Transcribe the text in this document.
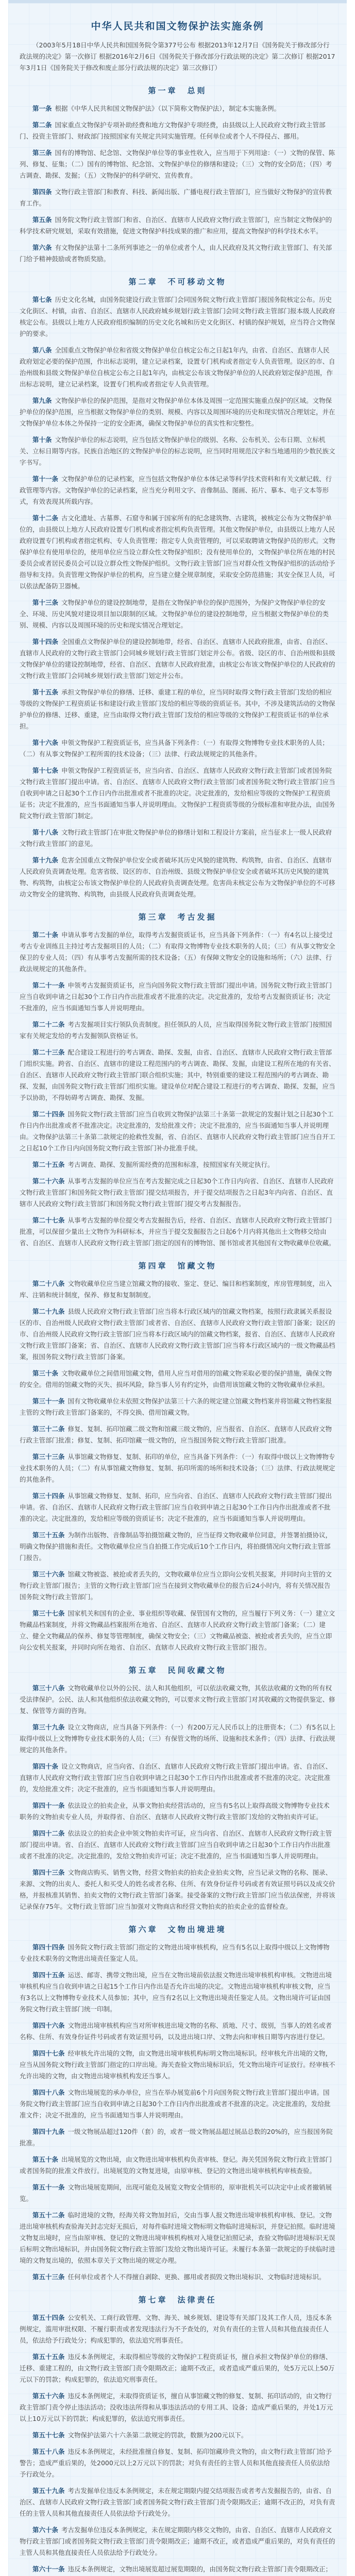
中华人民共和国文物保护法实施条例

（2003年5月18日中华人民共和国国务院令第377号公布 根据2013年12月7日《国务院关于修改部分行政法规的决定》第一次修订 根据2016年2月6日《国务院关于修改部分行政法规的决定》第二次修订 根据2017年3月1日《国务院关于修改和废止部分行政法规的决定》第三次修订）

第一章　总则

第一条 根据《中华人民共和国文物保护法》（以下简称文物保护法），制定本实施条例。

第二条 国家重点文物保护专项补助经费和地方文物保护专项经费，由县级以上人民政府文物行政主管部门、投资主管部门、财政部门按照国家有关规定共同实施管理。任何单位或者个人不得侵占、挪用。

第三条 国有的博物馆、纪念馆、文物保护单位等的事业性收入，应当用于下列用途：（一）文物的保管、陈列、修复、征集；（二）国有的博物馆、纪念馆、文物保护单位的修缮和建设；（三）文物的安全防范；（四）考古调查、勘探、发掘；（五）文物保护的科学研究、宣传教育。

第四条 文物行政主管部门和教育、科技、新闻出版、广播电视行政主管部门，应当做好文物保护的宣传教育工作。

第五条 国务院文物行政主管部门和省、自治区、直辖市人民政府文物行政主管部门，应当制定文物保护的科学技术研究规划，采取有效措施，促进文物保护科技成果的推广和应用，提高文物保护的科学技术水平。

第六条 有文物保护法第十二条所列事迹之一的单位或者个人，由人民政府及其文物行政主管部门、有关部门给予精神鼓励或者物质奖励。

第二章　不可移动文物

第七条 历史文化名城，由国务院建设行政主管部门会同国务院文物行政主管部门报国务院核定公布。历史文化街区、村镇，由省、自治区、直辖市人民政府城乡规划行政主管部门会同文物行政主管部门报本级人民政府核定公布。县级以上地方人民政府组织编制的历史文化名城和历史文化街区、村镇的保护规划，应当符合文物保护的要求。

第八条 全国重点文物保护单位和省级文物保护单位自核定公布之日起1年内，由省、自治区、直辖市人民政府划定必要的保护范围，作出标志说明，建立记录档案，设置专门机构或者指定专人负责管理。设区的市、自治州级和县级文物保护单位自核定公布之日起1年内，由核定公布该文物保护单位的人民政府划定保护范围，作出标志说明，建立记录档案，设置专门机构或者指定专人负责管理。

第九条 文物保护单位的保护范围，是指对文物保护单位本体及周围一定范围实施重点保护的区域。文物保护单位的保护范围，应当根据文物保护单位的类别、规模、内容以及周围环境的历史和现实情况合理划定，并在文物保护单位本体之外保持一定的安全距离，确保文物保护单位的真实性和完整性。

第十条 文物保护单位的标志说明，应当包括文物保护单位的级别、名称、公布机关、公布日期、立标机关、立标日期等内容。民族自治地区的文物保护单位的标志说明，应当同时用规范汉字和当地通用的少数民族文字书写。

第十一条 文物保护单位的记录档案，应当包括文物保护单位本体记录等科学技术资料和有关文献记载、行政管理等内容。文物保护单位的记录档案，应当充分利用文字、音像制品、图画、拓片、摹本、电子文本等形式，有效表现其所载内容。

第十二条 古文化遗址、古墓葬、石窟寺和属于国家所有的纪念建筑物、古建筑，被核定公布为文物保护单位的，由县级以上地方人民政府设置专门机构或者指定机构负责管理。其他文物保护单位，由县级以上地方人民政府设置专门机构或者指定机构、专人负责管理；指定专人负责管理的，可以采取聘请文物保护员的形式。文物保护单位有使用单位的，使用单位应当设立群众性文物保护组织；没有使用单位的，文物保护单位所在地的村民委员会或者居民委员会可以设立群众性文物保护组织。文物行政主管部门应当对群众性文物保护组织的活动给予指导和支持。负责管理文物保护单位的机构，应当建立健全规章制度，采取安全防范措施；其安全保卫人员，可以依法配备防卫器械。

第十三条 文物保护单位的建设控制地带，是指在文物保护单位的保护范围外，为保护文物保护单位的安全、环境、历史风貌对建设项目加以限制的区域。文物保护单位的建设控制地带，应当根据文物保护单位的类别、规模、内容以及周围环境的历史和现实情况合理划定。

第十四条 全国重点文物保护单位的建设控制地带，经省、自治区、直辖市人民政府批准，由省、自治区、直辖市人民政府的文物行政主管部门会同城乡规划行政主管部门划定并公布。省级、设区的市、自治州级和县级文物保护单位的建设控制地带，经省、自治区、直辖市人民政府批准，由核定公布该文物保护单位的人民政府的文物行政主管部门会同城乡规划行政主管部门划定并公布。

第十五条 承担文物保护单位的修缮、迁移、重建工程的单位，应当同时取得文物行政主管部门发给的相应等级的文物保护工程资质证书和建设行政主管部门发给的相应等级的资质证书。其中，不涉及建筑活动的文物保护单位的修缮、迁移、重建，应当由取得文物行政主管部门发给的相应等级的文物保护工程资质证书的单位承担。

第十六条 申领文物保护工程资质证书，应当具备下列条件：（一）有取得文物博物专业技术职务的人员；（二）有从事文物保护工程所需的技术设备；（三）法律、行政法规规定的其他条件。

第十七条 申领文物保护工程资质证书，应当向省、自治区、直辖市人民政府文物行政主管部门或者国务院文物行政主管部门提出申请。省、自治区、直辖市人民政府文物行政主管部门或者国务院文物行政主管部门应当自收到申请之日起30个工作日内作出批准或者不批准的决定。决定批准的，发给相应等级的文物保护工程资质证书；决定不批准的，应当书面通知当事人并说明理由。文物保护工程资质等级的分级标准和审批办法，由国务院文物行政主管部门制定。

第十八条 文物行政主管部门在审批文物保护单位的修缮计划和工程设计方案前，应当征求上一级人民政府文物行政主管部门的意见。

第十九条 危害全国重点文物保护单位安全或者破坏其历史风貌的建筑物、构筑物，由省、自治区、直辖市人民政府负责调查处理。危害省级、设区的市、自治州级、县级文物保护单位安全或者破坏其历史风貌的建筑物、构筑物，由核定公布该文物保护单位的人民政府负责调查处理。危害尚未核定公布为文物保护单位的不可移动文物安全的建筑物、构筑物，由县级人民政府负责调查处理。

第三章　考古发掘

第二十条 申请从事考古发掘的单位，取得考古发掘资质证书，应当具备下列条件：（一）有4名以上接受过考古专业训练且主持过考古发掘项目的人员；（二）有取得文物博物专业技术职务的人员；（三）有从事文物安全保卫的专业人员；（四）有从事考古发掘所需的技术设备；（五）有保障文物安全的设施和场所；（六）法律、行政法规规定的其他条件。

第二十一条 申领考古发掘资质证书，应当向国务院文物行政主管部门提出申请。国务院文物行政主管部门应当自收到申请之日起30个工作日内作出批准或者不批准的决定。决定批准的，发给考古发掘资质证书；决定不批准的，应当书面通知当事人并说明理由。

第二十二条 考古发掘项目实行领队负责制度。担任领队的人员，应当取得国务院文物行政主管部门按照国家有关规定发给的考古发掘领队资格证书。

第二十三条 配合建设工程进行的考古调查、勘探、发掘，由省、自治区、直辖市人民政府文物行政主管部门组织实施。跨省、自治区、直辖市的建设工程范围内的考古调查、勘探、发掘，由建设工程所在地的有关省、自治区、直辖市人民政府文物行政主管部门联合组织实施；其中，特别重要的建设工程范围内的考古调查、勘探、发掘，由国务院文物行政主管部门组织实施。建设单位对配合建设工程进行的考古调查、勘探、发掘，应当予以协助，不得妨碍考古调查、勘探、发掘。

第二十四条 国务院文物行政主管部门应当自收到文物保护法第三十条第一款规定的发掘计划之日起30个工作日内作出批准或者不批准决定。决定批准的，发给批准文件；决定不批准的，应当书面通知当事人并说明理由。文物保护法第三十条第二款规定的抢救性发掘，省、自治区、直辖市人民政府文物行政主管部门应当自开工之日起10个工作日内向国务院文物行政主管部门补办批准手续。

第二十五条 考古调查、勘探、发掘所需经费的范围和标准，按照国家有关规定执行。

第二十六条 从事考古发掘的单位应当在考古发掘完成之日起30个工作日内向省、自治区、直辖市人民政府文物行政主管部门和国务院文物行政主管部门提交结项报告，并于提交结项报告之日起3年内向省、自治区、直辖市人民政府文物行政主管部门和国务院文物行政主管部门提交考古发掘报告。

第二十七条 从事考古发掘的单位提交考古发掘报告后，经省、自治区、直辖市人民政府文物行政主管部门批准，可以保留少量出土文物作为科研标本，并应当于提交发掘报告之日起6个月内将其他出土文物移交给由省、自治区、直辖市人民政府文物行政主管部门指定的国有的博物馆、图书馆或者其他国有文物收藏单位收藏。

第四章　馆藏文物

第二十八条 文物收藏单位应当建立馆藏文物的接收、鉴定、登记、编目和档案制度，库房管理制度，出入库、注销和统计制度，保养、修复和复制制度。

第二十九条 县级人民政府文物行政主管部门应当将本行政区域内的馆藏文物档案，按照行政隶属关系报设区的市、自治州级人民政府文物行政主管部门或者省、自治区、直辖市人民政府文物行政主管部门备案；设区的市、自治州级人民政府文物行政主管部门应当将本行政区域内的馆藏文物档案，报省、自治区、直辖市人民政府文物行政主管部门备案；省、自治区、直辖市人民政府文物行政主管部门应当将本行政区域内的一级文物藏品档案，报国务院文物行政主管部门备案。

第三十条 文物收藏单位之间借用馆藏文物，借用人应当对借用的馆藏文物采取必要的保护措施，确保文物的安全。借用的馆藏文物的灭失、损坏风险，除当事人另有约定外，由借用该馆藏文物的文物收藏单位承担。

第三十一条 国有文物收藏单位未依照文物保护法第三十六条的规定建立馆藏文物档案并将馆藏文物档案报主管的文物行政主管部门备案的，不得交换、借用馆藏文物。

第三十二条 修复、复制、拓印馆藏二级文物和馆藏三级文物的，应当报省、自治区、直辖市人民政府文物行政主管部门批准；修复、复制、拓印馆藏一级文物的，应当报国务院文物行政主管部门批准。

第三十三条 从事馆藏文物修复、复制、拓印的单位，应当具备下列条件：（一）有取得中级以上文物博物专业技术职务的人员；（二）有从事馆藏文物修复、复制、拓印所需的场所和技术设备；（三）法律、行政法规规定的其他条件。

第三十四条 从事馆藏文物修复、复制、拓印，应当向省、自治区、直辖市人民政府文物行政主管部门提出申请。省、自治区、直辖市人民政府文物行政主管部门应当自收到申请之日起30个工作日内作出批准或者不批准的决定。决定批准的，发给相应等级的资质证书；决定不批准的，应当书面通知当事人并说明理由。

第三十五条 为制作出版物、音像制品等拍摄馆藏文物的，应当征得文物收藏单位同意，并签署拍摄协议，明确文物保护措施和责任。文物收藏单位应当自拍摄工作完成后10个工作日内，将拍摄情况向文物行政主管部门报告。

第三十六条 馆藏文物被盗、被抢或者丢失的，文物收藏单位应当立即向公安机关报案，并同时向主管的文物行政主管部门报告；主管的文物行政主管部门应当在接到文物收藏单位的报告后24小时内，将有关情况报告国务院文物行政主管部门。

第三十七条 国家机关和国有的企业、事业组织等收藏、保管国有文物的，应当履行下列义务：（一）建立文物藏品档案制度，并将文物藏品档案报所在地省、自治区、直辖市人民政府文物行政主管部门备案；（二）建立、健全文物藏品的保养、修复等管理制度，确保文物安全；（三）文物藏品被盗、被抢或者丢失的，应当立即向公安机关报案，并同时向所在地省、自治区、直辖市人民政府文物行政主管部门报告。

第五章　民间收藏文物

第三十八条 文物收藏单位以外的公民、法人和其他组织，可以依法收藏文物，其依法收藏的文物的所有权受法律保护。公民、法人和其他组织依法收藏文物的，可以要求文物行政主管部门对其收藏的文物提供鉴定、修复、保管等方面的咨询。

第三十九条 设立文物商店，应当具备下列条件：（一）有200万元人民币以上的注册资本；（二）有5名以上取得中级以上文物博物专业技术职务的人员；（三）有保管文物的场所、设施和技术条件；（四）法律、行政法规规定的其他条件。

第四十条 设立文物商店，应当向省、自治区、直辖市人民政府文物行政主管部门提出申请。省、自治区、直辖市人民政府文物行政主管部门应当自收到申请之日起30个工作日内作出批准或者不批准的决定。决定批准的，发给批准文件；决定不批准的，应当书面通知当事人并说明理由。

第四十一条 依法设立的拍卖企业，从事文物拍卖经营活动的，应当有5名以上取得高级文物博物专业技术职务的文物拍卖专业人员，并取得省、自治区、直辖市人民政府文物行政主管部门发给的文物拍卖许可证。

第四十二条 依法设立的拍卖企业申领文物拍卖许可证，应当向省、自治区、直辖市人民政府文物行政主管部门提出申请。省、自治区、直辖市人民政府文物行政主管部门应当自收到申请之日起30个工作日内作出批准或者不批准的决定。决定批准的，发给文物拍卖许可证；决定不批准的，应当书面通知当事人并说明理由。

第四十三条 文物商店购买、销售文物，经营文物拍卖的拍卖企业拍卖文物，应当记录文物的名称、图录、来源、文物的出卖人、委托人和买受人的姓名或者名称、住所、有效身份证件号码或者有效证照号码以及成交价格，并报核准其销售、拍卖文物的文物行政主管部门备案。接受备案的文物行政主管部门应当依法保密，并将该记录保存75年。文物行政主管部门应当加强对文物商店和经营文物拍卖的拍卖企业的监督检查。

第六章　文物出境进境

第四十四条 国务院文物行政主管部门指定的文物进出境审核机构，应当有5名以上取得中级以上文物博物专业技术职务的文物进出境责任鉴定人员。

第四十五条 运送、邮寄、携带文物出境，应当在文物出境前依法报文物进出境审核机构审核。文物进出境审核机构应当自收到申请之日起15个工作日内作出是否允许出境的决定。文物进出境审核机构审核文物，应当有3名以上文物博物专业技术人员参加；其中，应当有2名以上文物进出境责任鉴定人员。文物出境许可证由国务院文物行政主管部门统一印制。

第四十六条 文物进出境审核机构应当对所审核进出境文物的名称、质地、尺寸、级别，当事人的姓名或者名称、住所、有效身份证件号码或者有效证照号码，以及进出境口岸、文物去向和审核日期等内容进行登记。

第四十七条 经审核允许出境的文物，由文物进出境审核机构标明文物出境标识。经审核允许出境的文物，应当从国务院文物行政主管部门指定的口岸出境。海关查验文物出境标识后，凭文物出境许可证放行。经审核不允许出境的文物，由文物进出境审核机构发还当事人。

第四十八条 文物出境展览的承办单位，应当在举办展览前6个月向国务院文物行政主管部门提出申请。国务院文物行政主管部门应当自收到申请之日起30个工作日内作出批准或者不批准的决定。决定批准的，发给批准文件；决定不批准的，应当书面通知当事人并说明理由。

第四十九条 一级文物展品超过120件（套）的，或者一级文物展品超过展品总数的20%的，应当报国务院批准。

第五十条 出境展览的文物出境，由文物进出境审核机构负责审核、登记。海关凭国务院文物行政主管部门或者国务院的批准文件放行。出境展览的文物复进境，由原审核、登记的文物进出境审核机构审核查验。

第五十一条 文物出境展览期间，出现可能危及展览文物安全情形的，原审批机关可以决定中止或者撤销展览。

第五十二条 临时进境的文物，经海关将文物加封后，交由当事人报文物进出境审核机构审核、登记。文物进出境审核机构查验海关封志完好无损后，对每件临时进境文物标明文物临时进境标识，并登记拍照。临时进境文物复出境时，应当由原审核、登记的文物进出境审核机构核对入境登记拍照记录，查验文物临时进境标识无误后标明文物出境标识，并由国务院文物行政主管部门发给文物出境许可证。未履行本条第一款规定的手续临时进境的文物复出境的，依照本章关于文物出境的规定办理。

第五十三条 任何单位或者个人不得擅自剥除、更换、挪用或者损毁文物出境标识、文物临时进境标识。

第七章　法律责任

第五十四条 公安机关、工商行政管理、文物、海关、城乡规划、建设等有关部门及其工作人员，违反本条例规定，滥用审批权限、不履行职责或者发现违法行为不予查处的，对负有责任的主管人员和其他直接责任人员，依法给予行政处分；构成犯罪的，依法追究刑事责任。

第五十五条 违反本条例规定，未取得相应等级的文物保护工程资质证书，擅自承担文物保护单位的修缮、迁移、重建工程的，由文物行政主管部门责令限期改正；逾期不改正，或者造成严重后果的，处5万元以上50万元以下的罚款；构成犯罪的，依法追究刑事责任。

第五十六条 违反本条例规定，未取得资质证书，擅自从事馆藏文物的修复、复制、拓印活动的，由文物行政主管部门责令停止违法活动；没收违法所得和从事违法活动的专用工具、设备；造成严重后果的，并处1万元以上10万元以下的罚款；构成犯罪的，依法追究刑事责任。

第五十七条 文物保护法第六十六条第二款规定的罚款，数额为200元以下。

第五十八条 违反本条例规定，未经批准擅自修复、复制、拓印馆藏珍贵文物的，由文物行政主管部门给予警告；造成严重后果的，处2000元以上2万元以下的罚款；对负有责任的主管人员和其他直接责任人员依法给予行政处分。

第五十九条 考古发掘单位违反本条例规定，未在规定期限内提交结项报告或者考古发掘报告的，由省、自治区、直辖市人民政府文物行政主管部门或者国务院文物行政主管部门责令限期改正；逾期不改正的，对负有责任的主管人员和其他直接责任人员依法给予行政处分。

第六十条 考古发掘单位违反本条例规定，未在规定期限内移交文物的，由省、自治区、直辖市人民政府文物行政主管部门或者国务院文物行政主管部门责令限期改正；逾期不改正，或者造成严重后果的，对负有责任的主管人员和其他直接责任人员依法给予行政处分。

第六十一条 违反本条例规定，文物出境展览超过展览期限的，由国务院文物行政主管部门责令限期改正；
